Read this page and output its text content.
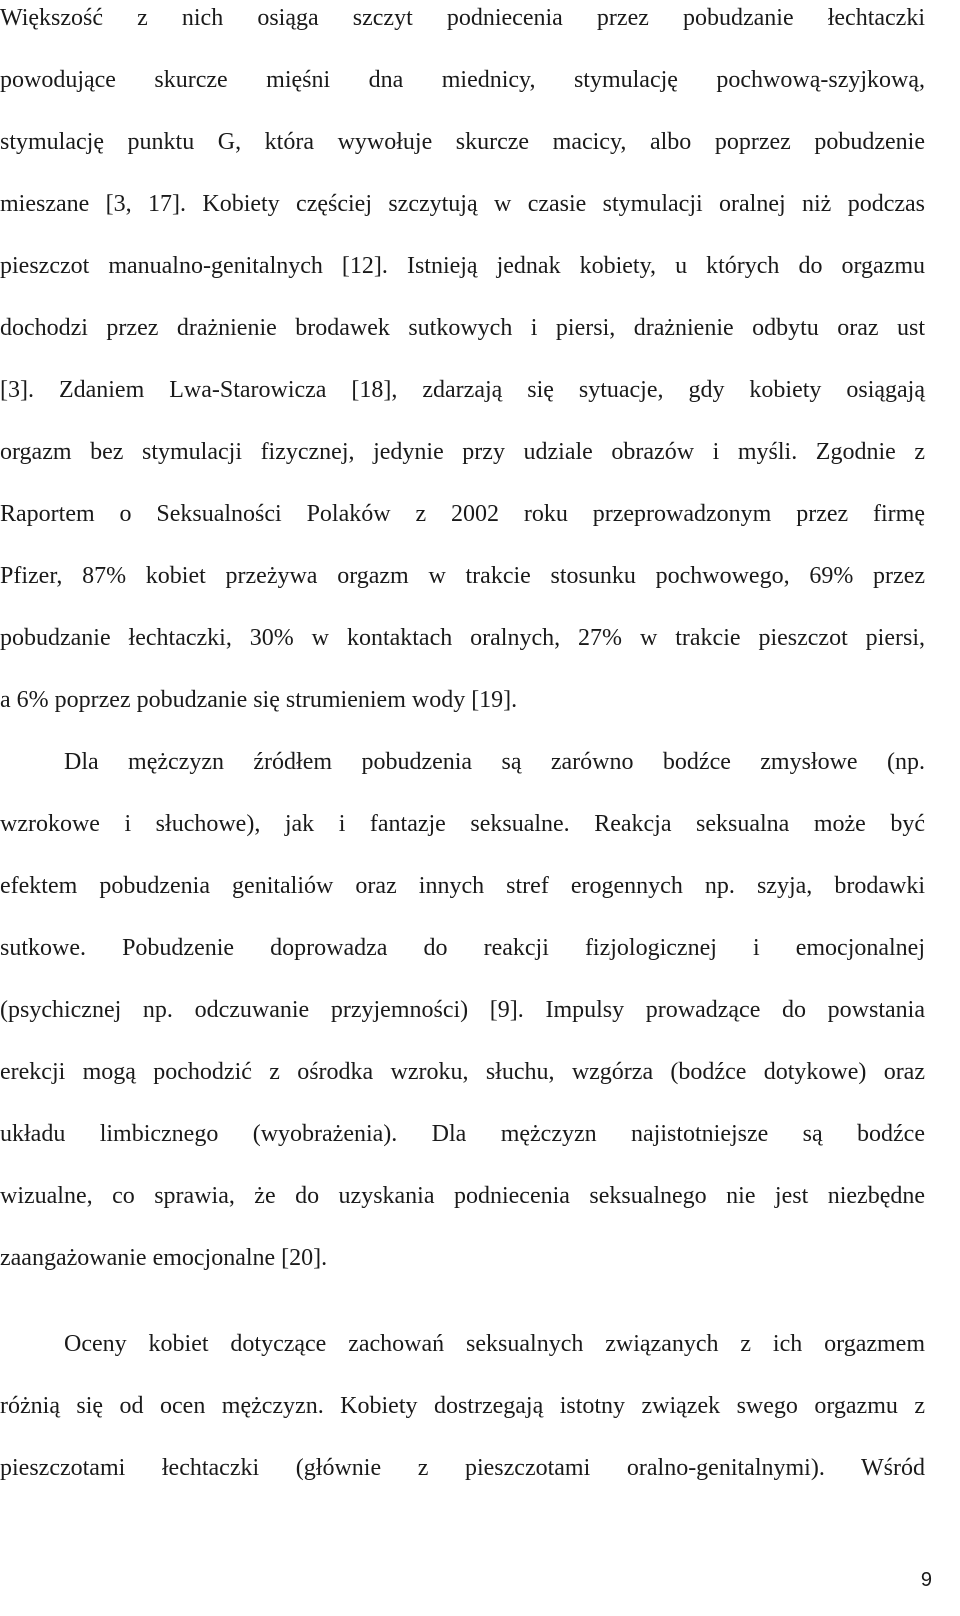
Większość z nich osiąga szczyt podniecenia przez pobudzanie łechtaczki
powodujące skurcze mięśni dna miednicy, stymulację pochwową-szyjkową,
stymulację punktu G, która wywołuje skurcze macicy, albo poprzez pobudzenie
mieszane [3, 17]. Kobiety częściej szczytują w czasie stymulacji oralnej niż podczas
pieszczot manualno-genitalnych [12]. Istnieją jednak kobiety, u których do orgazmu
dochodzi przez drażnienie brodawek sutkowych i piersi, drażnienie odbytu oraz ust
[3]. Zdaniem Lwa-Starowicza [18], zdarzają się sytuacje, gdy kobiety osiągają
orgazm bez stymulacji fizycznej, jedynie przy udziale obrazów i myśli. Zgodnie z
Raportem o Seksualności Polaków z 2002 roku przeprowadzonym przez firmę
Pfizer, 87% kobiet przeżywa orgazm w trakcie stosunku pochwowego, 69% przez
pobudzanie łechtaczki, 30% w kontaktach oralnych, 27% w trakcie pieszczot piersi,
a 6% poprzez pobudzanie się strumieniem wody [19].
Dla mężczyzn źródłem pobudzenia są zarówno bodźce zmysłowe (np.
wzrokowe i słuchowe), jak i fantazje seksualne. Reakcja seksualna może być
efektem pobudzenia genitaliów oraz innych stref erogennych np. szyja, brodawki
sutkowe. Pobudzenie doprowadza do reakcji fizjologicznej i emocjonalnej
(psychicznej np. odczuwanie przyjemności) [9]. Impulsy prowadzące do powstania
erekcji mogą pochodzić z ośrodka wzroku, słuchu, wzgórza (bodźce dotykowe) oraz
układu limbicznego (wyobrażenia). Dla mężczyzn najistotniejsze są bodźce
wizualne, co sprawia, że do uzyskania podniecenia seksualnego nie jest niezbędne
zaangażowanie emocjonalne [20].
Oceny kobiet dotyczące zachowań seksualnych związanych z ich orgazmem
różnią się od ocen mężczyzn. Kobiety dostrzegają istotny związek swego orgazmu z
pieszczotami łechtaczki (głównie z pieszczotami oralno-genitalnymi). Wśród
9
